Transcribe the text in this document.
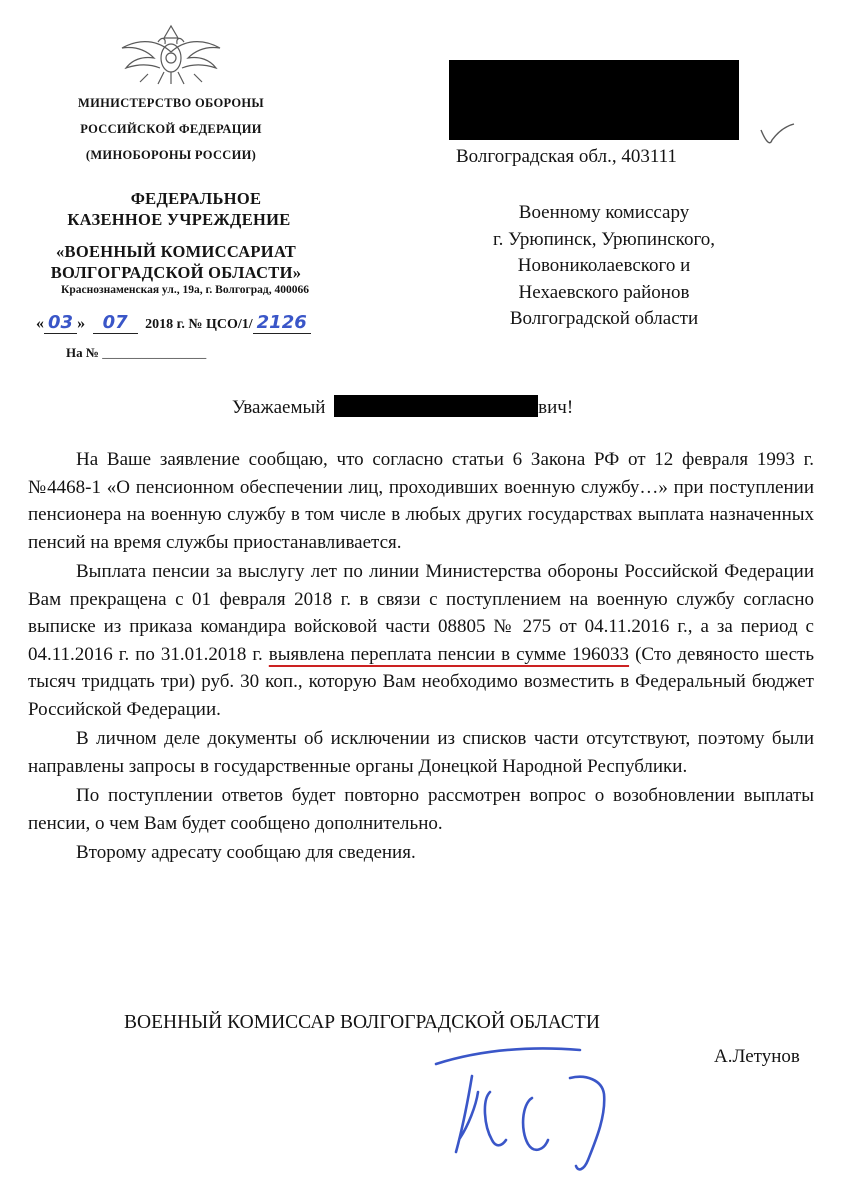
МИНИСТЕРСТВО ОБОРОНЫ
РОССИЙСКОЙ ФЕДЕРАЦИИ
(МИНОБОРОНЫ РОССИИ)
ФЕДЕРАЛЬНОЕ
КАЗЕННОЕ УЧРЕЖДЕНИЕ
«ВОЕННЫЙ КОМИССАРИАТ
ВОЛГОГРАДСКОЙ ОБЛАСТИ»
Краснознаменская ул., 19а, г. Волгоград, 400066
« 03 » 07 2018 г. № ЦСО/1/ 2126
На № ________________
Волгоградская обл., 403111
Военному комиссару
г. Урюпинск, Урюпинского,
Новониколаевского и
Нехаевского районов
Волгоградской области
Уважаемый	вич!

На Ваше заявление сообщаю, что согласно статьи 6 Закона РФ от 12 февраля 1993 г. №4468-1 «О пенсионном обеспечении лиц, проходивших военную службу…» при поступлении пенсионера на военную службу в том числе в любых других государствах выплата назначенных пенсий на время службы приостанавливается.

Выплата пенсии за выслугу лет по линии Министерства обороны Российской Федерации Вам прекращена с 01 февраля 2018 г. в связи с поступлением на военную службу согласно выписке из приказа командира войсковой части 08805 № 275 от 04.11.2016 г., а за период с 04.11.2016 г. по 31.01.2018 г. выявлена переплата пенсии в сумме 196033 (Сто девяносто шесть тысяч тридцать три) руб. 30 коп., которую Вам необходимо возместить в Федеральный бюджет Российской Федерации.

В личном деле документы об исключении из списков части отсутствуют, поэтому были направлены запросы в государственные органы Донецкой Народной Республики.

По поступлении ответов будет повторно рассмотрен вопрос о возобновлении выплаты пенсии, о чем Вам будет сообщено дополнительно.

Второму адресату сообщаю для сведения.

ВОЕННЫЙ КОМИССАР ВОЛГОГРАДСКОЙ ОБЛАСТИ
А.Летунов
